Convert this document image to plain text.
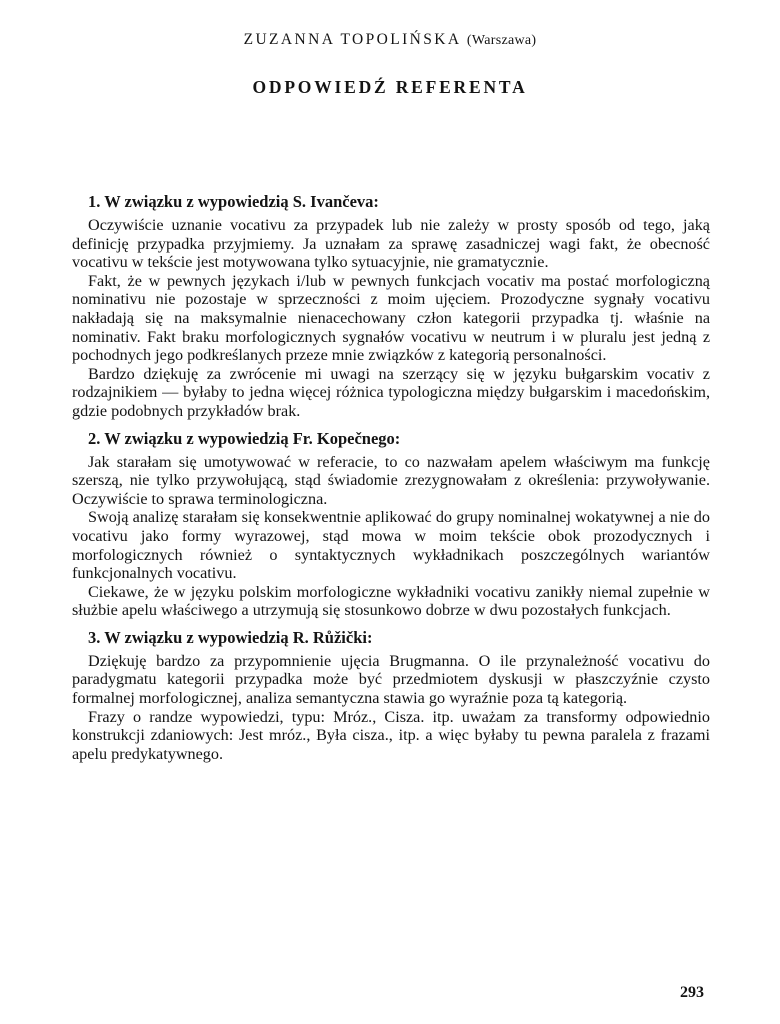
ZUZANNA TOPOLIŃSKA (Warszawa)
ODPOWIEDŹ REFERENTA
1. W związku z wypowiedzią S. Ivančeva:

Oczywiście uznanie vocativu za przypadek lub nie zależy w prosty sposób od tego, jaką definicję przypadka przyjmiemy. Ja uznałam za sprawę zasadniczej wagi fakt, że obecność vocativu w tekście jest motywowana tylko sytuacyjnie, nie gramatycznie.

Fakt, że w pewnych językach i/lub w pewnych funkcjach vocativ ma postać morfologiczną nominativu nie pozostaje w sprzeczności z moim ujęciem. Prozodyczne sygnały vocativu nakładają się na maksymalnie nienacechowany człon kategorii przypadka tj. właśnie na nominativ. Fakt braku morfologicznych sygnałów vocativu w neutrum i w pluralu jest jedną z pochodnych jego podkreślanych przeze mnie związków z kategorią personalności.

Bardzo dziękuję za zwrócenie mi uwagi na szerzący się w języku bułgarskim vocativ z rodzajnikiem — byłaby to jedna więcej różnica typologiczna między bułgarskim i macedońskim, gdzie podobnych przykładów brak.

2. W związku z wypowiedzią Fr. Kopečnego:

Jak starałam się umotywować w referacie, to co nazwałam apelem właściwym ma funkcję szerszą, nie tylko przywołującą, stąd świadomie zrezygnowałam z określenia: przywoływanie. Oczywiście to sprawa terminologiczna.

Swoją analizę starałam się konsekwentnie aplikować do grupy nominalnej wokatywnej a nie do vocativu jako formy wyrazowej, stąd mowa w moim tekście obok prozodycznych i morfologicznych również o syntaktycznych wykładnikach poszczególnych wariantów funkcjonalnych vocativu.

Ciekawe, że w języku polskim morfologiczne wykładniki vocativu zanikły niemal zupełnie w służbie apelu właściwego a utrzymują się stosunkowo dobrze w dwu pozostałych funkcjach.

3. W związku z wypowiedzią R. Růžički:

Dziękuję bardzo za przypomnienie ujęcia Brugmanna. O ile przynależność vocativu do paradygmatu kategorii przypadka może być przedmiotem dyskusji w płaszczyźnie czysto formalnej morfologicznej, analiza semantyczna stawia go wyraźnie poza tą kategorią.

Frazy o randze wypowiedzi, typu: Mróz., Cisza. itp. uważam za transformy odpowiednio konstrukcji zdaniowych: Jest mróz., Była cisza., itp. a więc byłaby tu pewna paralela z frazami apelu predykatywnego.

293
